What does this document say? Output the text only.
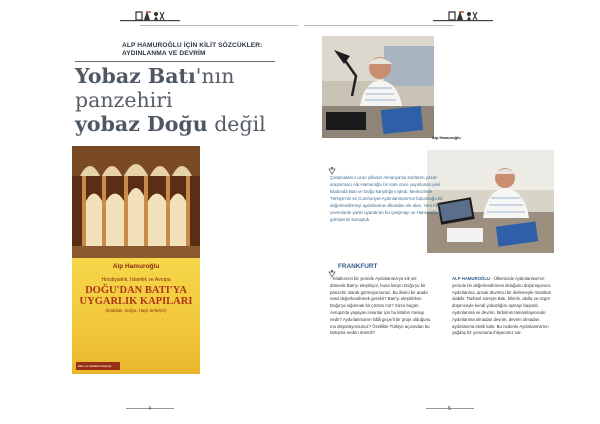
ALP HAMUROĞLU İÇİN KİLİT SÖZCÜKLER: AYDINLANMA VE DEVRİM
Yobaz Batı'nın
panzehiri
yobaz Doğu değil
Alp Hamuroğlu
Hıristiyanlık, İslamlık ve Avrupa
DOĞU'DAN BATI'YA
UYGARLIK KAPILARI
(Endülüs, Sicilya, Haçlı Seferleri)
Ekim ve Şafakta Kitaplığı
4
Alp Hamuroğlu
Çalışmalarını uzun yıllardır Almanya'da sürdüren yazar-araştırmacı Alp Hamuroğlu bir süre önce yayınlanan yeni kitabında Batı ve Doğu karşıtlığını işledi. Merkezinde Türkiye'nin ve Cumhuriyet Aydınlanması'nın bulunduğu bir değerlendirmeyi aydınlanma ufkundan ele alan, Yeni Akit çevresinde yankı uyandıran bu çalışmayı ve Hamuroğlu'nun görüşlerini konuştuk.
FRANKFURT
- Kitabınızın bir yerinde Aydınlanma'ya sık sık dönerek Batı'yı eleştiriyor, buna karşın Doğu'yu bir panzehir olarak görmüyorsunuz. Bu ikisini bir arada nasıl değerlendirmek gerekir? Batı'yı eleştirirken Doğu'ya sığınmak bir çözüm mü? Sizce bugün Avrupa'da yaşayan insanlar için bu kitabın mesajı nedir? Aydınlanmanın hâlâ geçerli bir proje olduğunu mu düşünüyorsunuz? Özellikle Türkiye açısından bu tartışma neden önemli?
ALP HAMUROĞLU - Ülkemizde Aydınlanma'nın yerinde bir değerlendirmesi olduğunu düşünüyorum. Aydınlanma, ancak devrimci bir ilerlemeyle mümkün olabilir. Tarihsel süreçte Batı, bilimle, akılla ve özgür düşünceyle kendi yobazlığını aşmayı başardı. Aydınlanma ve devrim, birbirinin tamamlayıcısıdır. Aydınlanma olmadan devrim, devrim olmadan aydınlanma eksik kalır. Bu nedenle Aydınlanma'nın çağdaş bir yorumuna ihtiyacımız var.
5
